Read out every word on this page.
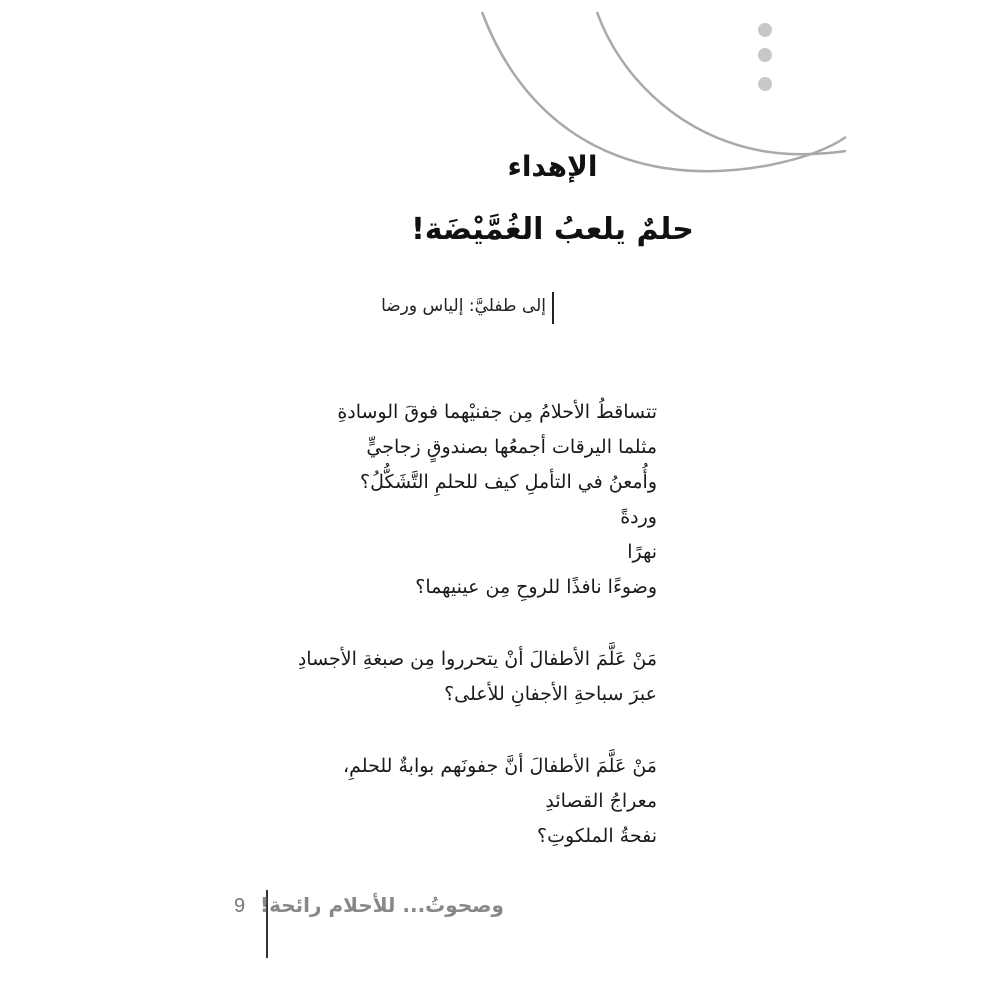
الإهداء
حلمٌ يلعبُ الغُمَّيْضَة!
إلى طفليَّ: إلياس ورضا
تتساقطُ الأحلامُ مِن جفنيْهما فوقَ الوسادةِ
مثلما اليرقات أجمعُها بصندوقٍ زجاجيٍّ
وأُمعنُ في التأملِ كيف للحلمِ التَّشَكُّلُ؟
وردةً
نهرًا
وضوءًا نافذًا للروحِ مِن عينيهما؟
مَنْ عَلَّمَ الأطفالَ أنْ يتحرروا مِن صبغةِ الأجسادِ
عبرَ سباحةِ الأجفانِ للأعلى؟
مَنْ عَلَّمَ الأطفالَ أنَّ جفونَهم بوابةٌ للحلمِ،
معراجُ القصائدِ
نفحةُ الملكوتِ؟
9 وصحوتُ... للأحلام رائحة!
